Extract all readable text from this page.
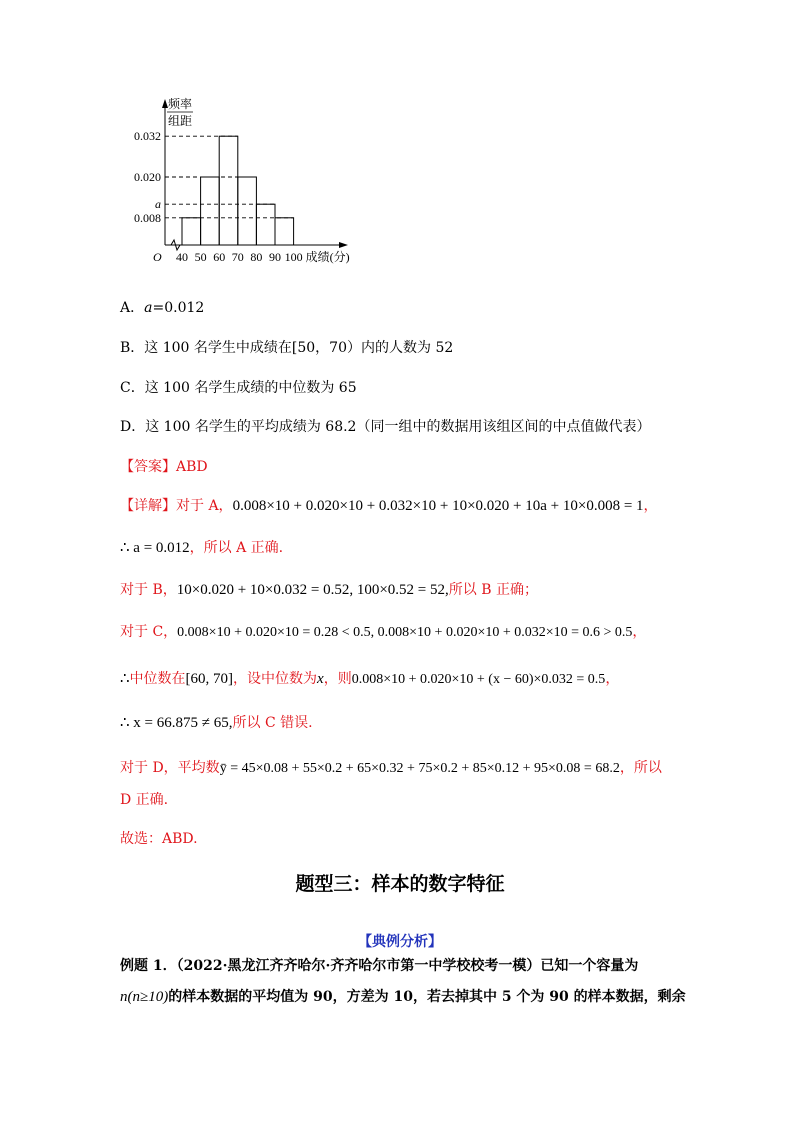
0.032
0.020
a
0.008
40 50 60 70 80 90 100 成绩(分)
O
频率
组距
A．a=0.012
B．这 100 名学生中成绩在[50，70）内的人数为 52
C．这 100 名学生成绩的中位数为 65
D．这 100 名学生的平均成绩为 68.2（同一组中的数据用该组区间的中点值做代表）
【答案】ABD
【详解】对于 A，0.008×10 + 0.020×10 + 0.032×10 + 10×0.020 + 10a + 10×0.008 = 1，
∴ a = 0.012，所以 A 正确.
对于 B，10×0.020 + 10×0.032 = 0.52, 100×0.52 = 52,所以 B 正确；
对于 C，0.008×10 + 0.020×10 = 0.28 < 0.5, 0.008×10 + 0.020×10 + 0.032×10 = 0.6 > 0.5，
∴中位数在[60, 70]，设中位数为x，则0.008×10 + 0.020×10 + (x − 60)×0.032 = 0.5，
∴ x = 66.875 ≠ 65,所以 C 错误.
对于 D，平均数ȳ = 45×0.08 + 55×0.2 + 65×0.32 + 75×0.2 + 85×0.12 + 95×0.08 = 68.2，所以
D 正确.
故选：ABD.
题型三：样本的数字特征
【典例分析】
例题 1．（2022·黑龙江齐齐哈尔·齐齐哈尔市第一中学校校考一模）已知一个容量为
n(n≥10)的样本数据的平均值为 90，方差为 10，若去掉其中 5 个为 90 的样本数据，剩余
